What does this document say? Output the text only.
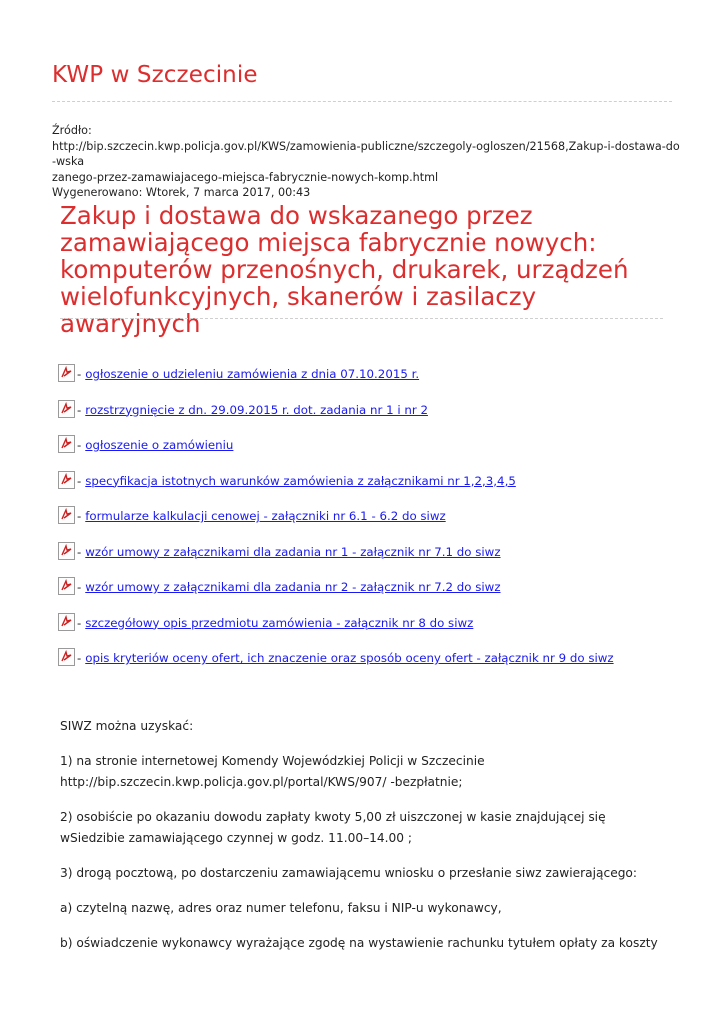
KWP w Szczecinie
Źródło:
http://bip.szczecin.kwp.policja.gov.pl/KWS/zamowienia-publiczne/szczegoly-ogloszen/21568,Zakup-i-dostawa-do-wska
zanego-przez-zamawiajacego-miejsca-fabrycznie-nowych-komp.html
Wygenerowano: Wtorek, 7 marca 2017, 00:43
Zakup i dostawa do wskazanego przez zamawiającego miejsca fabrycznie nowych: komputerów przenośnych, drukarek, urządzeń wielofunkcyjnych, skanerów i zasilaczy awaryjnych
- ogłoszenie o udzieleniu zamówienia z dnia 07.10.2015 r.
- rozstrzygnięcie z dn. 29.09.2015 r. dot. zadania nr 1 i nr 2
- ogłoszenie o zamówieniu
- specyfikacja istotnych warunków zamówienia z załącznikami nr 1,2,3,4,5
- formularze kalkulacji cenowej - załączniki nr 6.1 - 6.2 do siwz
- wzór umowy z załącznikami dla zadania nr 1 - załącznik nr 7.1 do siwz
- wzór umowy z załącznikami dla zadania nr 2 - załącznik nr 7.2 do siwz
- szczegółowy opis przedmiotu zamówienia - załącznik nr 8 do siwz
- opis kryteriów oceny ofert, ich znaczenie oraz sposób oceny ofert - załącznik nr 9 do siwz

SIWZ można uzyskać:

1) na stronie internetowej Komendy Wojewódzkiej Policji w Szczecinie http://bip.szczecin.kwp.policja.gov.pl/portal/KWS/907/ -bezpłatnie;

2) osobiście po okazaniu dowodu zapłaty kwoty 5,00 zł uiszczonej w kasie znajdującej się wSiedzibie zamawiającego czynnej w godz. 11.00–14.00 ;

3) drogą pocztową, po dostarczeniu zamawiającemu wniosku o przesłanie siwz zawierającego:

a) czytelną nazwę, adres oraz numer telefonu, faksu i NIP-u wykonawcy,

b) oświadczenie wykonawcy wyrażające zgodę na wystawienie rachunku tytułem opłaty za koszty
